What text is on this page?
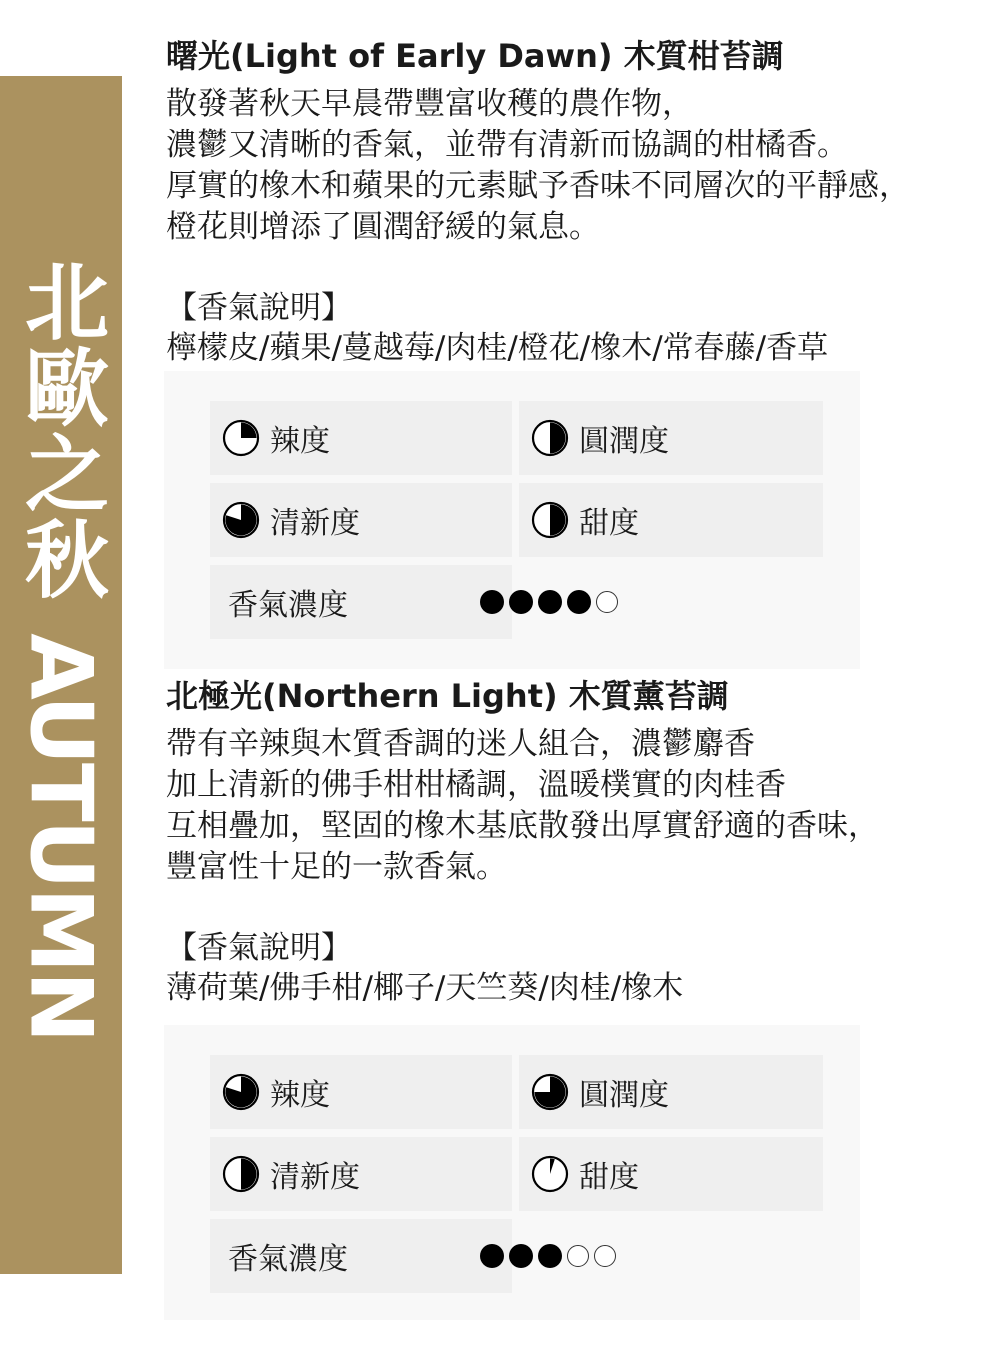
北歐之秋 AUTUMN
曙光(Light of Early Dawn) 木質柑苔調
散發著秋天早晨帶豐富收穫的農作物，
濃鬱又清晰的香氣，並帶有清新而協調的柑橘香。
厚實的橡木和蘋果的元素賦予香味不同層次的平靜感，
橙花則增添了圓潤舒緩的氣息。
【香氣說明】
檸檬皮/蘋果/蔓越莓/肉桂/橙花/橡木/常春藤/香草
辣度	圓潤度
清新度	甜度
香氣濃度
北極光(Northern Light) 木質薰苔調
帶有辛辣與木質香調的迷人組合，濃鬱麝香
加上清新的佛手柑柑橘調，溫暖樸實的肉桂香
互相疊加，堅固的橡木基底散發出厚實舒適的香味，
豐富性十足的一款香氣。
【香氣說明】
薄荷葉/佛手柑/椰子/天竺葵/肉桂/橡木
辣度	圓潤度
清新度	甜度
香氣濃度
